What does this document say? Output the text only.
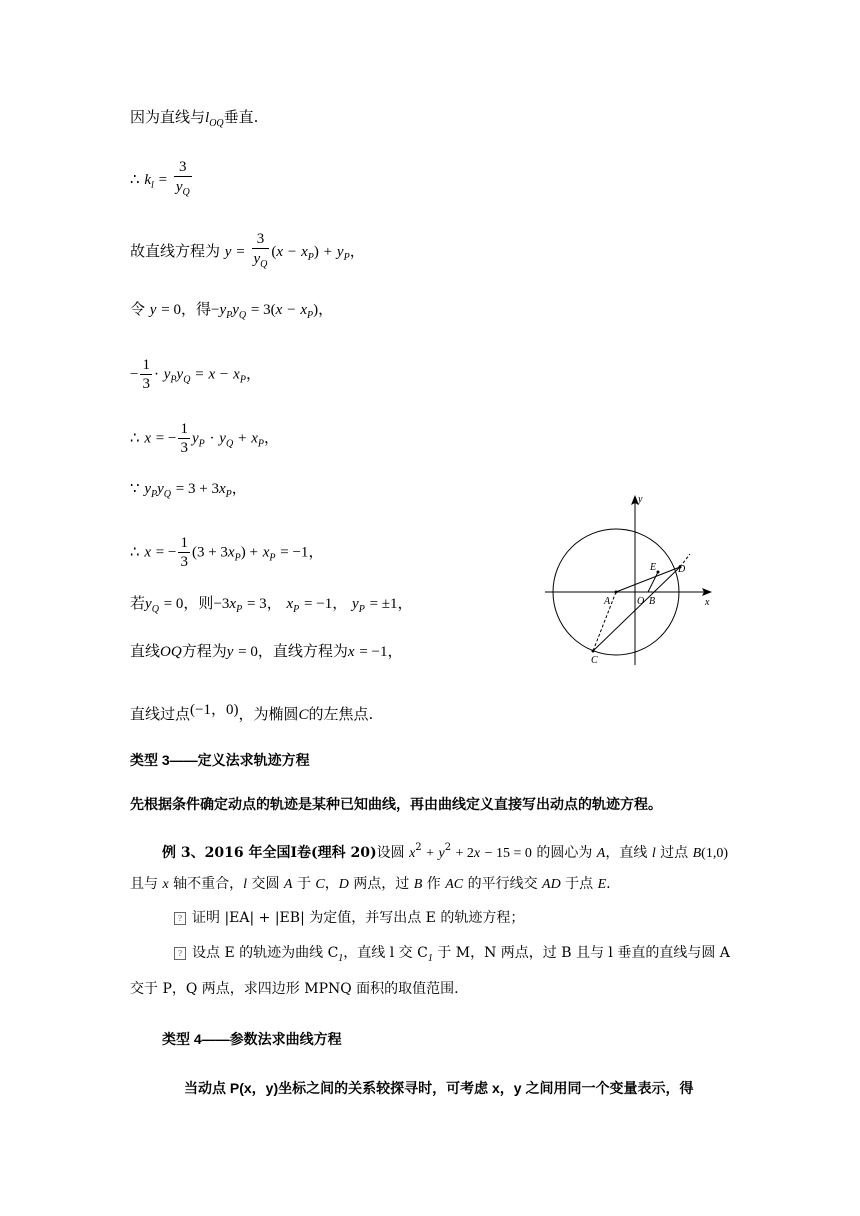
因为直线与$l_{OQ}$垂直.
∴ $k_l = \frac{3}{y_Q}$
故直线方程为 $y = \frac{3}{y_Q} (x - x_P) + y_P$，
令 y = 0，得$-y_Py_Q = 3(x - x_P)$，
− $\frac{1}{3} \cdot y_Py_Q = x - x_P$，
∴ x = − $\frac{1}{3} y_P \cdot y_Q + x_P$，
∵ $y_Py_Q = 3 + 3x_P$，
∴ x = − $\frac{1}{3} (3 + 3x_P) + x_P = -1$，
若$y_Q = 0$，则$-3x_P = 3$， $x_P = -1$， $y_P = \pm 1$，
直线OQ方程为y = 0，直线方程为x = −1，
直线过点(−1，0)，为椭圆C的左焦点.
A	O B
E D
C
x
y
类型 3——定义法求轨迹方程
先根据条件确定动点的轨迹是某种已知曲线，再由曲线定义直接写出动点的轨迹方程。
例 3、2016 年全国Ⅰ卷(理科 20)设圆 $x^2 + y^2 + 2x - 15 = 0$ 的圆心为 A，直线 l 过点 B(1,0)
且与 x 轴不重合，l 交圆 A 于 C，D 两点，过 B 作 AC 的平行线交 AD 于点 E.
? 证明 |EA| + |EB| 为定值，并写出点 E 的轨迹方程；
? 设点 E 的轨迹为曲线 $C_1$，直线 l 交 $C_1$ 于 M，N 两点，过 B 且与 l 垂直的直线与圆 A
交于 P，Q 两点，求四边形 MPNQ 面积的取值范围.
类型 4——参数法求曲线方程
当动点 P(x，y)坐标之间的关系较探寻时，可考虑 x，y 之间用同一个变量表示，得
